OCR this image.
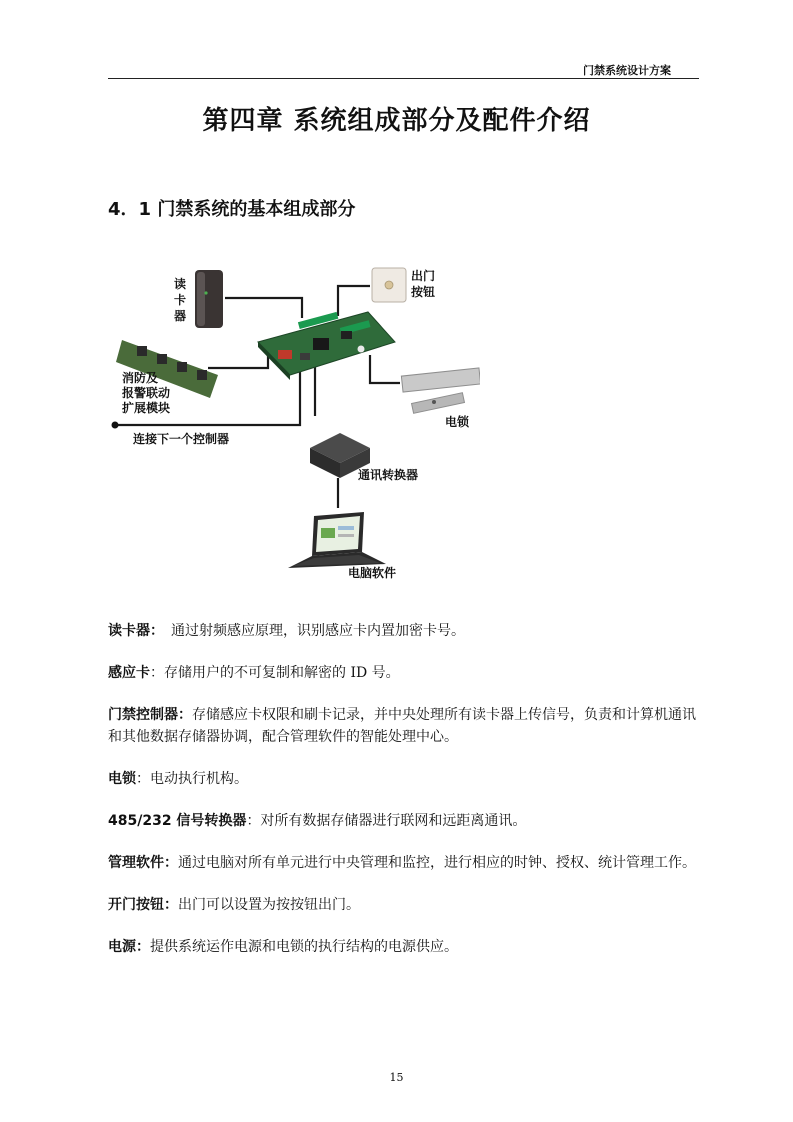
门禁系统设计方案
第四章 系统组成部分及配件介绍
4．1 门禁系统的基本组成部分
读
卡
器
出门
按钮
消防及
报警联动
扩展模块
电锁
连接下一个控制器
通讯转换器
电脑软件

读卡器：　通过射频感应原理，识别感应卡内置加密卡号。

感应卡：存储用户的不可复制和解密的 ID 号。

门禁控制器：存储感应卡权限和刷卡记录，并中央处理所有读卡器上传信号，负责和计算机通讯和其他数据存储器协调，配合管理软件的智能处理中心。

电锁：电动执行机构。

485/232 信号转换器：对所有数据存储器进行联网和远距离通讯。

管理软件：通过电脑对所有单元进行中央管理和监控，进行相应的时钟、授权、统计管理工作。

开门按钮：出门可以设置为按按钮出门。

电源：提供系统运作电源和电锁的执行结构的电源供应。

15
